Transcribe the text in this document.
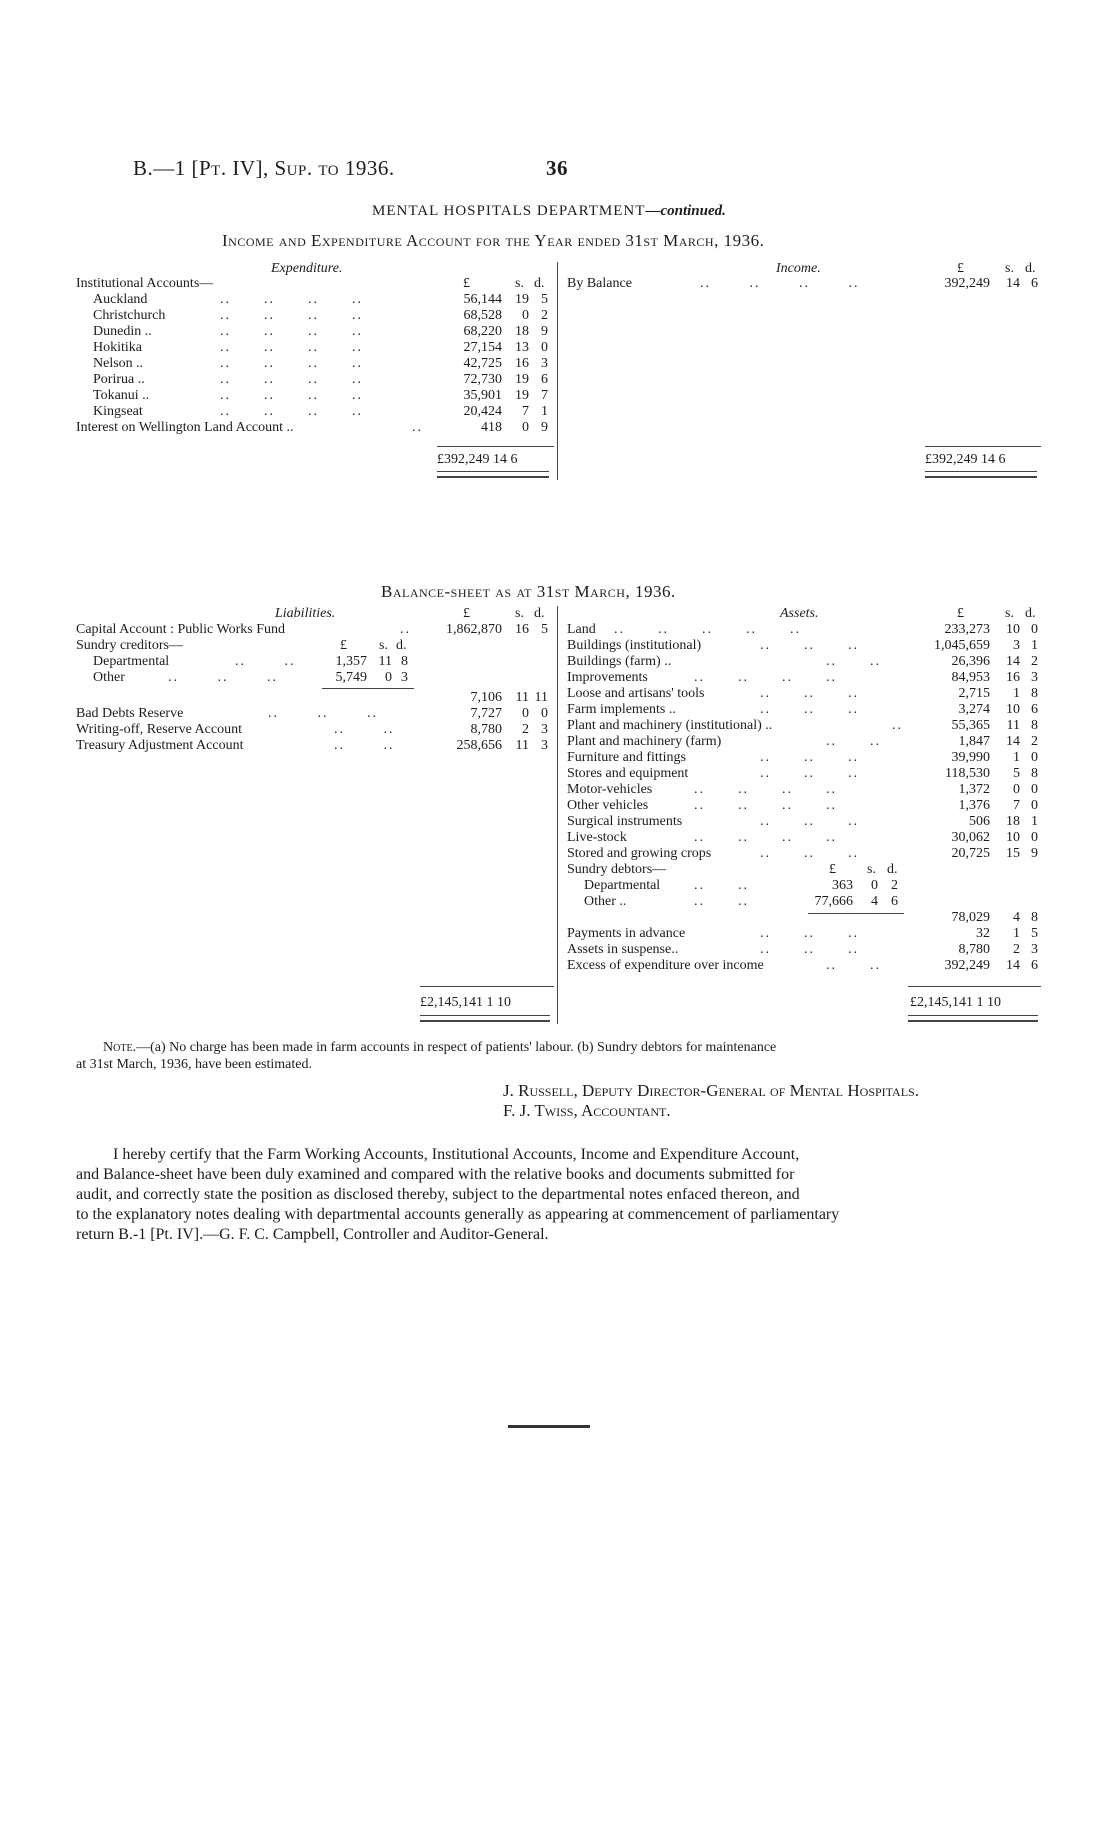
B.—1 [Pt. IV], Sup. to 1936.	36
MENTAL HOSPITALS DEPARTMENT—continued.
Income and Expenditure Account for the Year ended 31st March, 1936.
Expenditure.	Income.
Institutional Accounts—	£	s. d.
£	s. d.
Auckland	..      ..      ..      ..	56,144 19 5
Christchurch	..      ..      ..      ..	68,528 0 2
Dunedin ..	..      ..      ..      ..	68,220 18 9
Hokitika	..      ..      ..      ..	27,154 13 0
Nelson ..	..      ..      ..      ..	42,725 16 3
Porirua ..	..      ..      ..      ..	72,730 19 6
Tokanui ..	..      ..      ..      ..	35,901 19 7
Kingseat	..      ..      ..      ..	20,424 7 1
Interest on Wellington Land Account ..	..	418 0 9
By Balance	..       ..       ..       ..	392,249 14 6
£392,249 14 6	£392,249 14 6
Balance-sheet as at 31st March, 1936.
Liabilities.	Assets.
£	s. d.	£	s. d.
Capital Account : Public Works Fund	..	1,862,870 16 5
Sundry creditors—	£ s. d.
Departmental	..       ..	1,357 11 8
Other	..       ..       ..	5,749 0 3
7,106 11 11
Bad Debts Reserve	..       ..       ..	7,727 0 0
Writing-off, Reserve Account	..       ..	8,780 2 3
Treasury Adjustment Account	..       ..	258,656 11 3
Land ..      ..      ..      ..      ..	233,273 10 0
Buildings (institutional)	..      ..      ..	1,045,659 3 1
Buildings (farm) ..	..      ..	26,396 14 2
Improvements	..      ..      ..      ..	84,953 16 3
Loose and artisans' tools	..      ..      ..	2,715 1 8
Farm implements ..	..      ..      ..	3,274 10 6
Plant and machinery (institutional) ..	..	55,365 11 8
Plant and machinery (farm)	..      ..	1,847 14 2
Furniture and fittings	..      ..      ..	39,990 1 0
Stores and equipment	..      ..      ..	118,530 5 8
Motor-vehicles	..      ..      ..      ..	1,372 0 0
Other vehicles	..      ..      ..      ..	1,376 7 0
Surgical instruments	..      ..      ..	506 18 1
Live-stock	..      ..      ..      ..	30,062 10 0
Stored and growing crops	..      ..      ..	20,725 15 9
Sundry debtors—	£ s. d.
Departmental ..      ..	363 0 2
Other ..	..      ..	77,666 4 6
78,029 4 8
Payments in advance	..      ..      ..	32 1 5
Assets in suspense..	..      ..      ..	8,780 2 3
Excess of expenditure over income	..      ..	392,249 14 6
£2,145,141 1 10	£2,145,141 1 10
Note.—(a) No charge has been made in farm accounts in respect of patients' labour. (b) Sundry debtors for maintenance
at 31st March, 1936, have been estimated.
J. Russell, Deputy Director-General of Mental Hospitals.
F. J. Twiss, Accountant.
I hereby certify that the Farm Working Accounts, Institutional Accounts, Income and Expenditure Account,
and Balance-sheet have been duly examined and compared with the relative books and documents submitted for
audit, and correctly state the position as disclosed thereby, subject to the departmental notes enfaced thereon, and
to the explanatory notes dealing with departmental accounts generally as appearing at commencement of parliamentary
return B.-1 [Pt. IV].—G. F. C. Campbell, Controller and Auditor-General.
